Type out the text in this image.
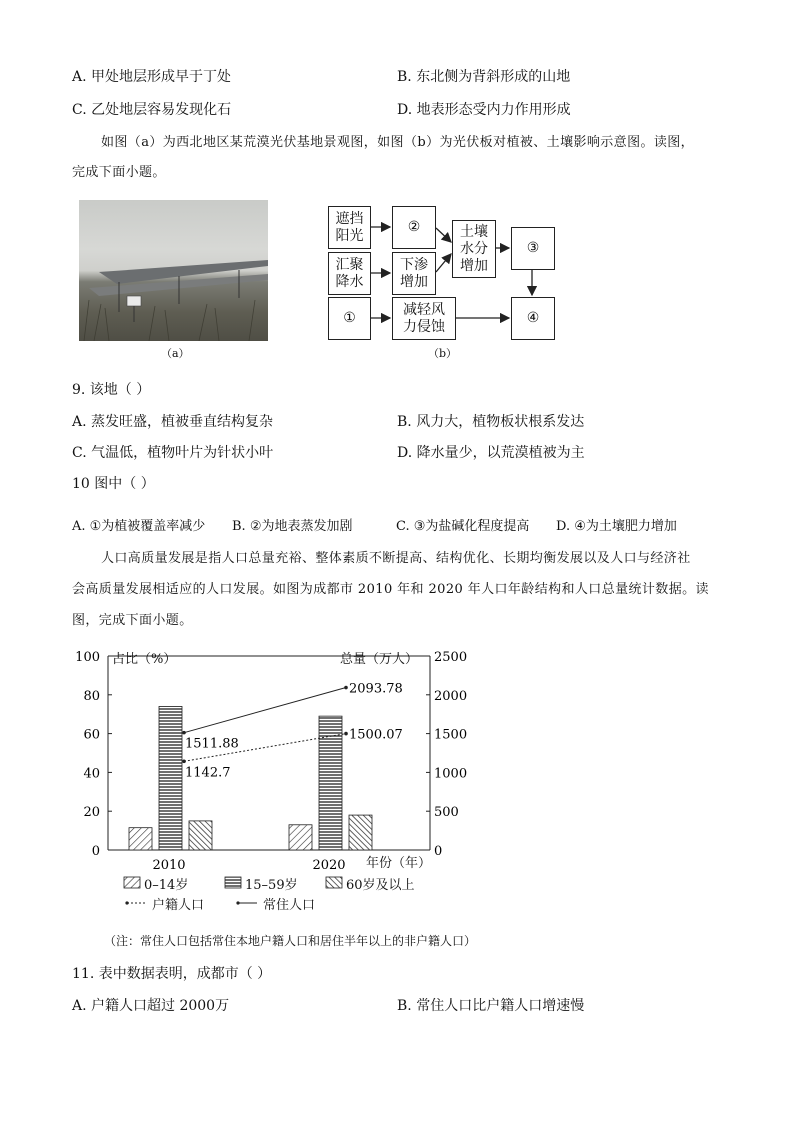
A. 甲处地层形成早于丁处	B. 东北侧为背斜形成的山地
C. 乙处地层容易发现化石	D. 地表形态受内力作用形成
如图（a）为西北地区某荒漠光伏基地景观图，如图（b）为光伏板对植被、土壤影响示意图。读图，
完成下面小题。
（a）
遮挡
阳光
②	土壤
水分
增加
③
汇聚
降水
下渗
增加
①
减轻风
力侵蚀
④
（b）
9. 该地（ ）
A. 蒸发旺盛，植被垂直结构复杂	B. 风力大，植物板状根系发达
C. 气温低，植物叶片为针状小叶	D. 降水量少，以荒漠植被为主
10 图中（ ）
A. ①为植被覆盖率减少 B. ②为地表蒸发加剧	C. ③为盐碱化程度提高 D. ④为土壤肥力增加
人口高质量发展是指人口总量充裕、整体素质不断提高、结构优化、长期均衡发展以及人口与经济社
会高质量发展相适应的人口发展。如图为成都市 2010 年和 2020 年人口年龄结构和人口总量统计数据。读
图，完成下面小题。
0
20
40
60
80
100
0
500
1000
1500
2000
2500
2010	2020
1142.7
1500.07
1511.88
2093.78
占比（%）	总量（万人）
年份（年）
0–14岁	15–59岁	60岁及以上
户籍人口	常住人口
（注：常住人口包括常住本地户籍人口和居住半年以上的非户籍人口）
11. 表中数据表明，成都市（ ）
A. 户籍人口超过 2000万	B. 常住人口比户籍人口增速慢
